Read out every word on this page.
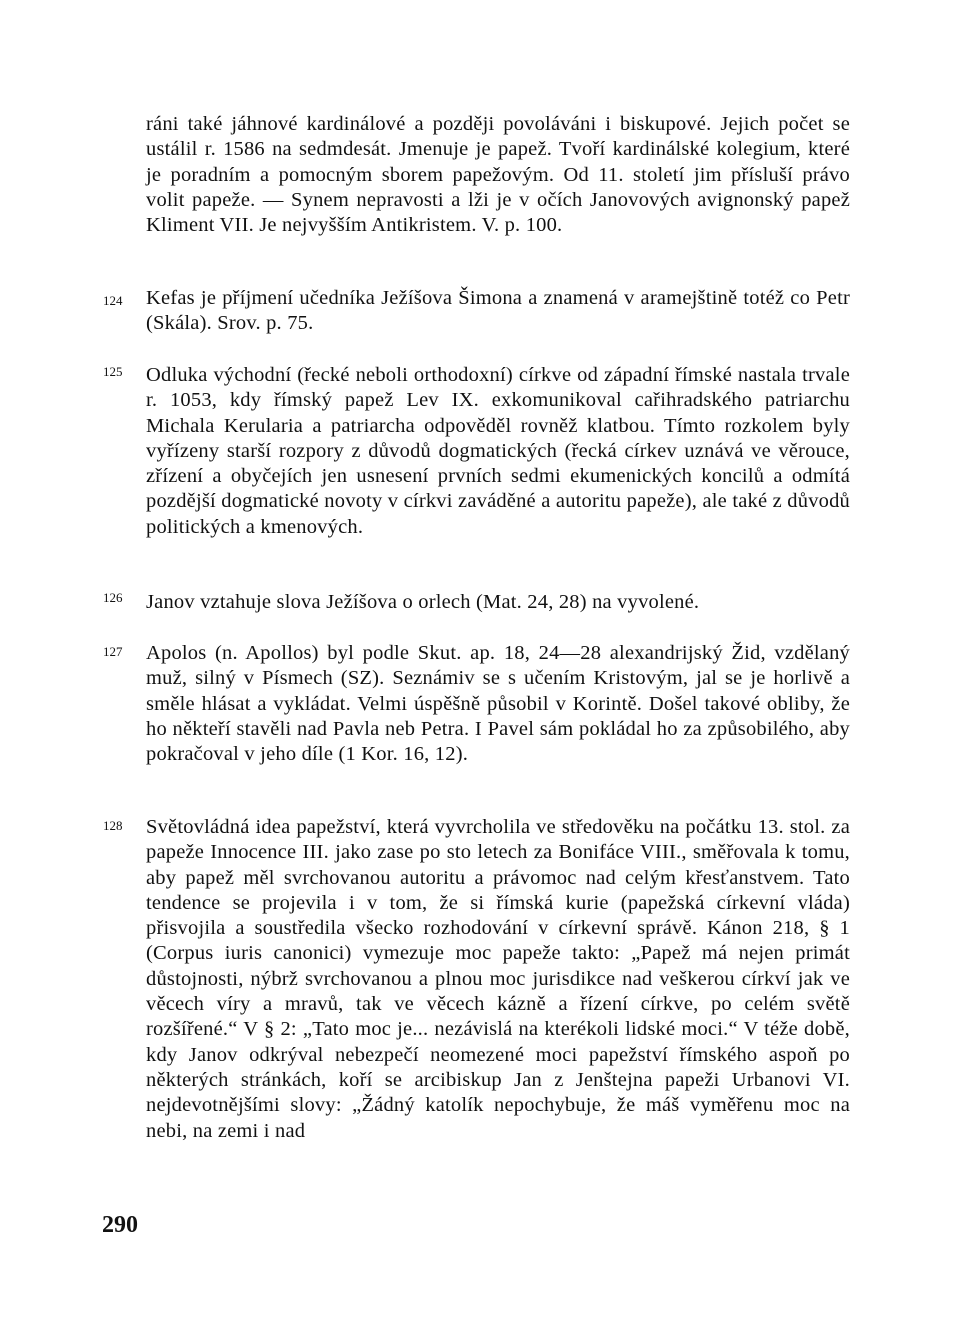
ráni také jáhnové kardinálové a později povoláváni i biskupové. Jejich počet se ustálil r. 1586 na sedmdesát. Jmenuje je papež. Tvoří kardinálské kolegium, které je poradním a pomocným sborem papežovým. Od 11. století jim přísluší právo volit papeže. — Synem nepravosti a lži je v očích Janovových avignonský papež Kliment VII. Je nejvyšším Antikristem. V. p. 100.
124 Kefas je příjmení učedníka Ježíšova Šimona a znamená v aramejštině totéž co Petr (Skála). Srov. p. 75.
125 Odluka východní (řecké neboli orthodoxní) církve od západní římské nastala trvale r. 1053, kdy římský papež Lev IX. exkomunikoval cařihradského patriarchu Michala Kerularia a patriarcha odpověděl rovněž klatbou. Tímto rozkolem byly vyřízeny starší rozpory z důvodů dogmatických (řecká církev uznává ve věrouce, zřízení a obyčejích jen usnesení prvních sedmi ekumenických koncilů a odmítá pozdější dogmatické novoty v církvi zaváděné a autoritu papeže), ale také z důvodů politických a kmenových.
126 Janov vztahuje slova Ježíšova o orlech (Mat. 24, 28) na vyvolené.
127 Apolos (n. Apollos) byl podle Skut. ap. 18, 24—28 alexandrijský Žid, vzdělaný muž, silný v Písmech (SZ). Seznámiv se s učením Kristovým, jal se je horlivě a směle hlásat a vykládat. Velmi úspěšně působil v Korintě. Došel takové obliby, že ho někteří stavěli nad Pavla neb Petra. I Pavel sám pokládal ho za způsobilého, aby pokračoval v jeho díle (1 Kor. 16, 12).
128 Světovládná idea papežství, která vyvrcholila ve středověku na počátku 13. stol. za papeže Innocence III. jako zase po sto letech za Bonifáce VIII., směřovala k tomu, aby papež měl svrchovanou autoritu a právomoc nad celým křesťanstvem. Tato tendence se projevila i v tom, že si římská kurie (papežská církevní vláda) přisvojila a soustředila všecko rozhodování v církevní správě. Kánon 218, § 1 (Corpus iuris canonici) vymezuje moc papeže takto: „Papež má nejen primát důstojnosti, nýbrž svrchovanou a plnou moc jurisdikce nad veškerou církví jak ve věcech víry a mravů, tak ve věcech kázně a řízení církve, po celém světě rozšířené.“ V § 2: „Tato moc je... nezávislá na kterékoli lidské moci.“ V téže době, kdy Janov odkrýval nebezpečí neomezené moci papežství římského aspoň po některých stránkách, koří se arcibiskup Jan z Jenštejna papeži Urbanovi VI. nejdevotnějšími slovy: „Žádný katolík nepochybuje, že máš vyměřenu moc na nebi, na zemi i nad
290
